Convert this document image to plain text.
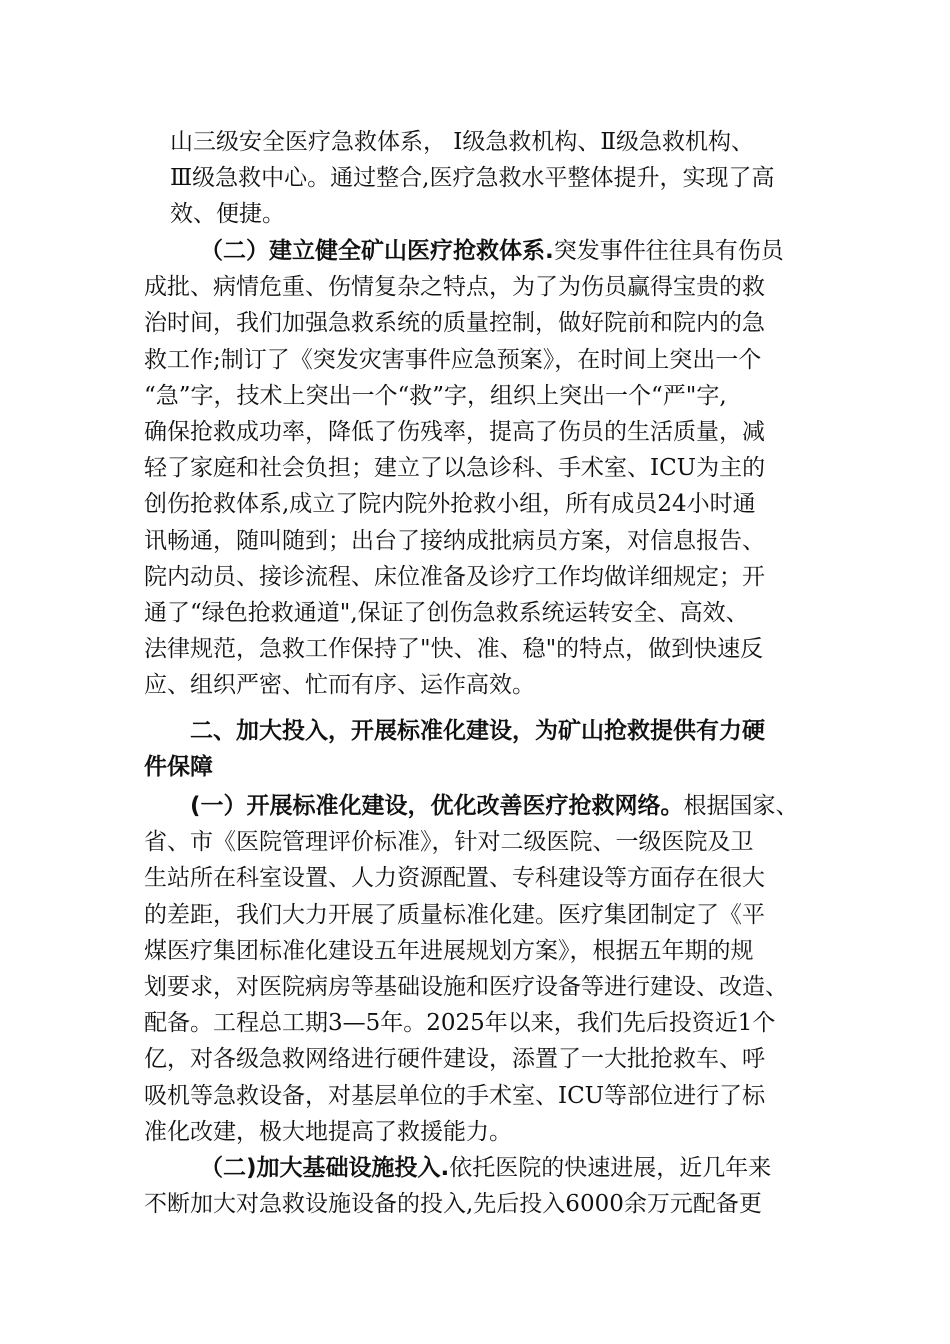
山三级安全医疗急救体系， Ⅰ级急救机构、Ⅱ级急救机构、
Ⅲ级急救中心。通过整合,医疗急救水平整体提升，实现了高
效、便捷。
（二）建立健全矿山医疗抢救体系.突发事件往往具有伤员
成批、病情危重、伤情复杂之特点，为了为伤员赢得宝贵的救
治时间，我们加强急救系统的质量控制，做好院前和院内的急
救工作;制订了《突发灾害事件应急预案》，在时间上突出一个
“急”字，技术上突出一个“救”字，组织上突出一个“严"字,
确保抢救成功率，降低了伤残率，提高了伤员的生活质量，减
轻了家庭和社会负担；建立了以急诊科、手术室、ICU为主的
创伤抢救体系,成立了院内院外抢救小组，所有成员24小时通
讯畅通，随叫随到；出台了接纳成批病员方案，对信息报告、
院内动员、接诊流程、床位准备及诊疗工作均做详细规定；开
通了“绿色抢救通道",保证了创伤急救系统运转安全、高效、
法律规范，急救工作保持了"快、准、稳"的特点，做到快速反
应、组织严密、忙而有序、运作高效。
二、加大投入，开展标准化建设，为矿山抢救提供有力硬
件保障
(一）开展标准化建设，优化改善医疗抢救网络。根据国家、
省、市《医院管理评价标准》，针对二级医院、一级医院及卫
生站所在科室设置、人力资源配置、专科建设等方面存在很大
的差距，我们大力开展了质量标准化建。医疗集团制定了《平
煤医疗集团标准化建设五年进展规划方案》，根据五年期的规
划要求，对医院病房等基础设施和医疗设备等进行建设、改造、
配备。工程总工期3—5年。2025年以来，我们先后投资近1个
亿，对各级急救网络进行硬件建设，添置了一大批抢救车、呼
吸机等急救设备，对基层单位的手术室、ICU等部位进行了标
准化改建，极大地提高了救援能力。
（二)加大基础设施投入.依托医院的快速进展，近几年来
不断加大对急救设施设备的投入,先后投入6000余万元配备更
